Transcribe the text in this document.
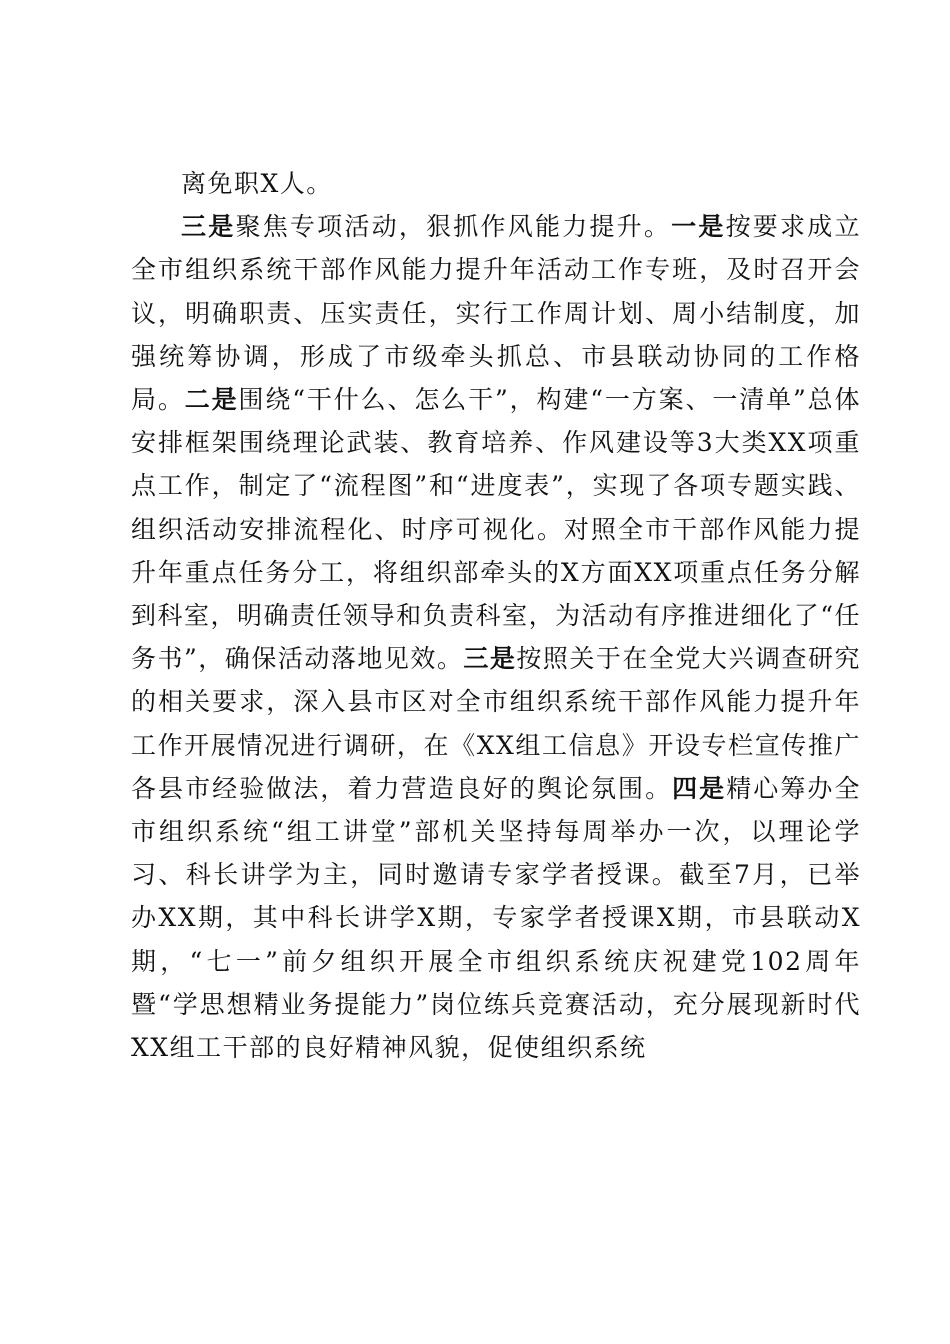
离免职X人。

三是聚焦专项活动，狠抓作风能力提升。一是按要求成立全市组织系统干部作风能力提升年活动工作专班，及时召开会议，明确职责、压实责任，实行工作周计划、周小结制度，加强统筹协调，形成了市级牵头抓总、市县联动协同的工作格局。二是围绕“干什么、怎么干”，构建“一方案、一清单”总体安排框架围绕理论武装、教育培养、作风建设等3大类XX项重点工作，制定了“流程图”和“进度表”，实现了各项专题实践、组织活动安排流程化、时序可视化。对照全市干部作风能力提升年重点任务分工，将组织部牵头的X方面XX项重点任务分解到科室，明确责任领导和负责科室，为活动有序推进细化了“任务书”，确保活动落地见效。三是按照关于在全党大兴调查研究的相关要求，深入县市区对全市组织系统干部作风能力提升年工作开展情况进行调研，在《XX组工信息》开设专栏宣传推广各县市经验做法，着力营造良好的舆论氛围。四是精心筹办全市组织系统“组工讲堂”部机关坚持每周举办一次，以理论学习、科长讲学为主，同时邀请专家学者授课。截至7月，已举办XX期，其中科长讲学X期，专家学者授课X期，市县联动X期，“七一”前夕组织开展全市组织系统庆祝建党102周年暨“学思想精业务提能力”岗位练兵竞赛活动，充分展现新时代XX组工干部的良好精神风貌，促使组织系统
